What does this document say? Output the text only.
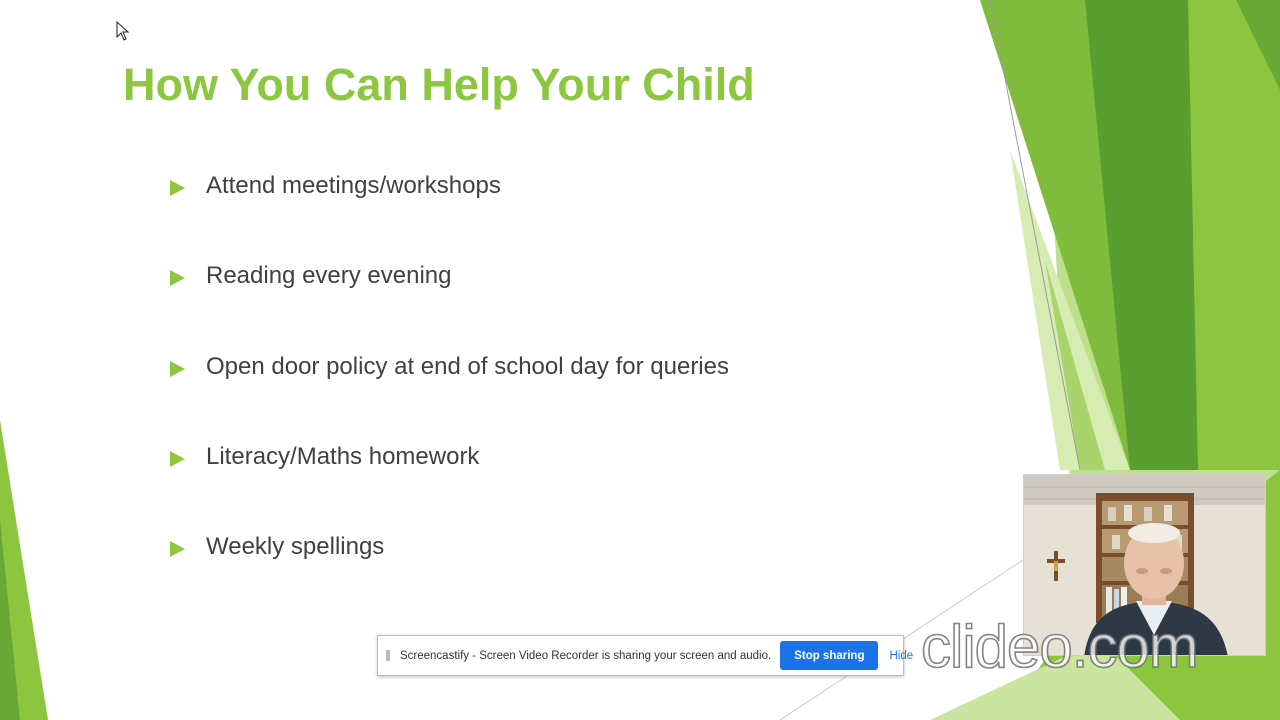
How You Can Help Your Child
Attend meetings/workshops
Reading every evening
Open door policy at end of school day for queries
Literacy/Maths homework
Weekly spellings
clideo.com
Screencastify - Screen Video Recorder is sharing your screen and audio.	Stop sharing	Hide
